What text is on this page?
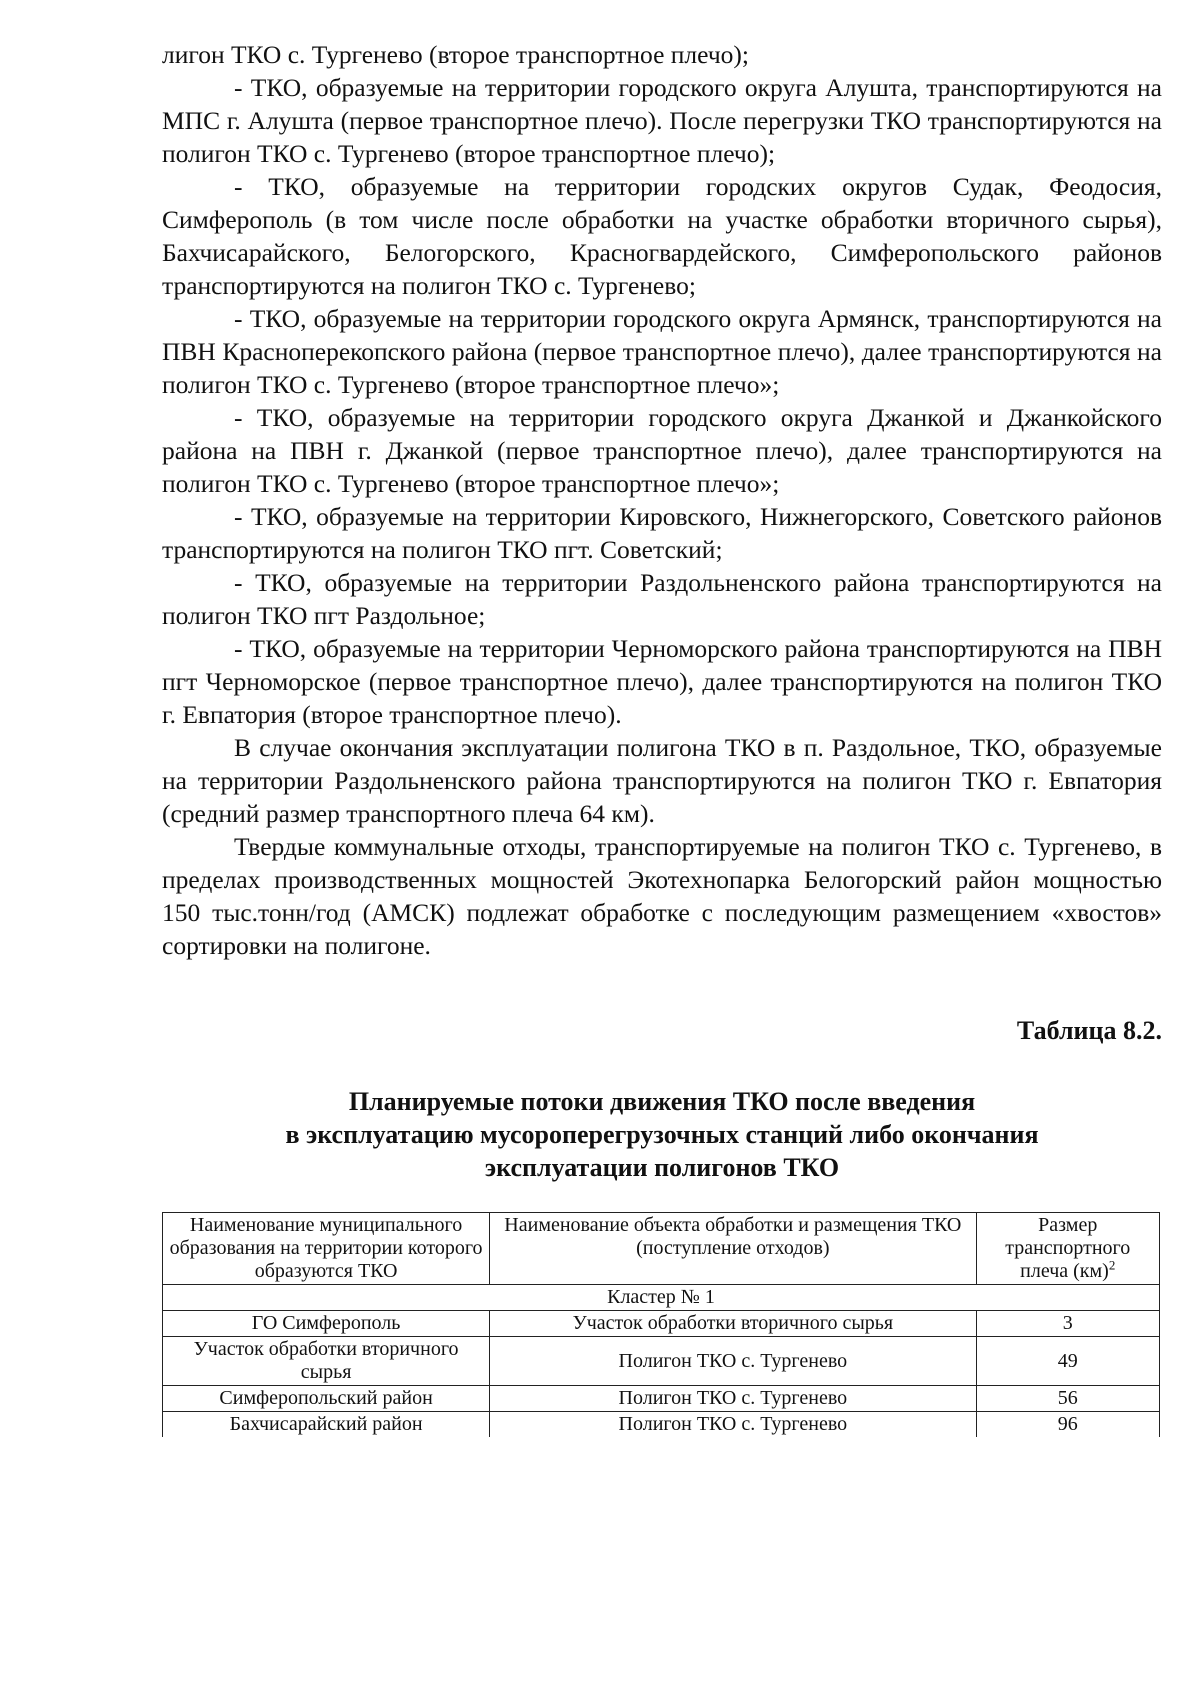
лигон ТКО с. Тургенево (второе транспортное плечо);

- ТКО, образуемые на территории городского округа Алушта, транспортируются на МПС г. Алушта (первое транспортное плечо). После перегрузки ТКО транспортируются на полигон ТКО с. Тургенево (второе транспортное плечо);

- ТКО, образуемые на территории городских округов Судак, Феодосия, Симферополь (в том числе после обработки на участке обработки вторичного сырья), Бахчисарайского, Белогорского, Красногвардейского, Симферопольского районов транспортируются на полигон ТКО с. Тургенево;

- ТКО, образуемые на территории городского округа Армянск, транспортируются на ПВН Красноперекопского района (первое транспортное плечо), далее транспортируются на полигон ТКО с. Тургенево (второе транспортное плечо»;

- ТКО, образуемые на территории городского округа Джанкой и Джанкойского района на ПВН г. Джанкой (первое транспортное плечо), далее транспортируются на полигон ТКО с. Тургенево (второе транспортное плечо»;

- ТКО, образуемые на территории Кировского, Нижнегорского, Советского районов транспортируются на полигон ТКО пгт. Советский;

- ТКО, образуемые на территории Раздольненского района транспортируются на полигон ТКО пгт Раздольное;

- ТКО, образуемые на территории Черноморского района транспортируются на ПВН пгт Черноморское (первое транспортное плечо), далее транспортируются на полигон ТКО г. Евпатория (второе транспортное плечо).

В случае окончания эксплуатации полигона ТКО в п. Раздольное, ТКО, образуемые на территории Раздольненского района транспортируются на полигон ТКО г. Евпатория (средний размер транспортного плеча 64 км).

Твердые коммунальные отходы, транспортируемые на полигон ТКО с. Тургенево, в пределах производственных мощностей Экотехнопарка Белогорский район мощностью 150 тыс.тонн/год (АМСК) подлежат обработке с последующим размещением «хвостов» сортировки на полигоне.

Таблица 8.2.
Планируемые потоки движения ТКО после введения
в эксплуатацию мусороперегрузочных станций либо окончания
эксплуатации полигонов ТКО
Наименование муниципального образования на территории которого образуются ТКО	Наименование объекта обработки и размещения ТКО (поступление отходов)	Размер транспортного плеча (км)$^2$
Кластер № 1		
ГО Симферополь	Участок обработки вторичного сырья	3
Участок обработки вторичного сырья	Полигон ТКО с. Тургенево	49
Симферопольский район	Полигон ТКО с. Тургенево	56
Бахчисарайский район	Полигон ТКО с. Тургенево	96
